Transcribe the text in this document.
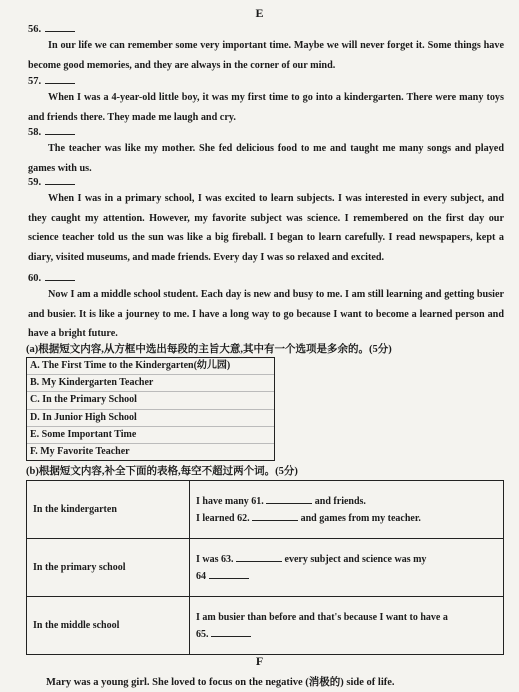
E
56.
In our life we can remember some very important time. Maybe we will never forget it. Some things have become good memories, and they are always in the corner of our mind.
57.
When I was a 4-year-old little boy, it was my first time to go into a kindergarten. There were many toys and friends there. They made me laugh and cry.
58.
The teacher was like my mother. She fed delicious food to me and taught me many songs and played games with us.
59.
When I was in a primary school, I was excited to learn subjects. I was interested in every subject, and they caught my attention. However, my favorite subject was science. I remembered on the first day our science teacher told us the sun was like a big fireball. I began to learn carefully. I read newspapers, kept a diary, visited museums, and made friends. Every day I was so relaxed and excited.
60.
Now I am a middle school student. Each day is new and busy to me. I am still learning and getting busier and busier. It is like a journey to me. I have a long way to go because I want to become a learned person and have a bright future.
(a)根据短文内容,从方框中选出每段的主旨大意,其中有一个选项是多余的。(5分)
A. The First Time to the Kindergarten(幼儿园)
B. My Kindergarten Teacher
C. In the Primary School
D. In Junior High School
E. Some Important Time
F. My Favorite Teacher
(b)根据短文内容,补全下面的表格,每空不超过两个词。(5分)
In the kindergarten	I have many 61. and friends.
I learned 62. and games from my teacher.
In the primary school	I was 63. every subject and science was my
64
In the middle school	I am busier than before and that's because I want to have a
65.
F
Mary was a young girl. She loved to focus on the negative (消极的) side of life.
